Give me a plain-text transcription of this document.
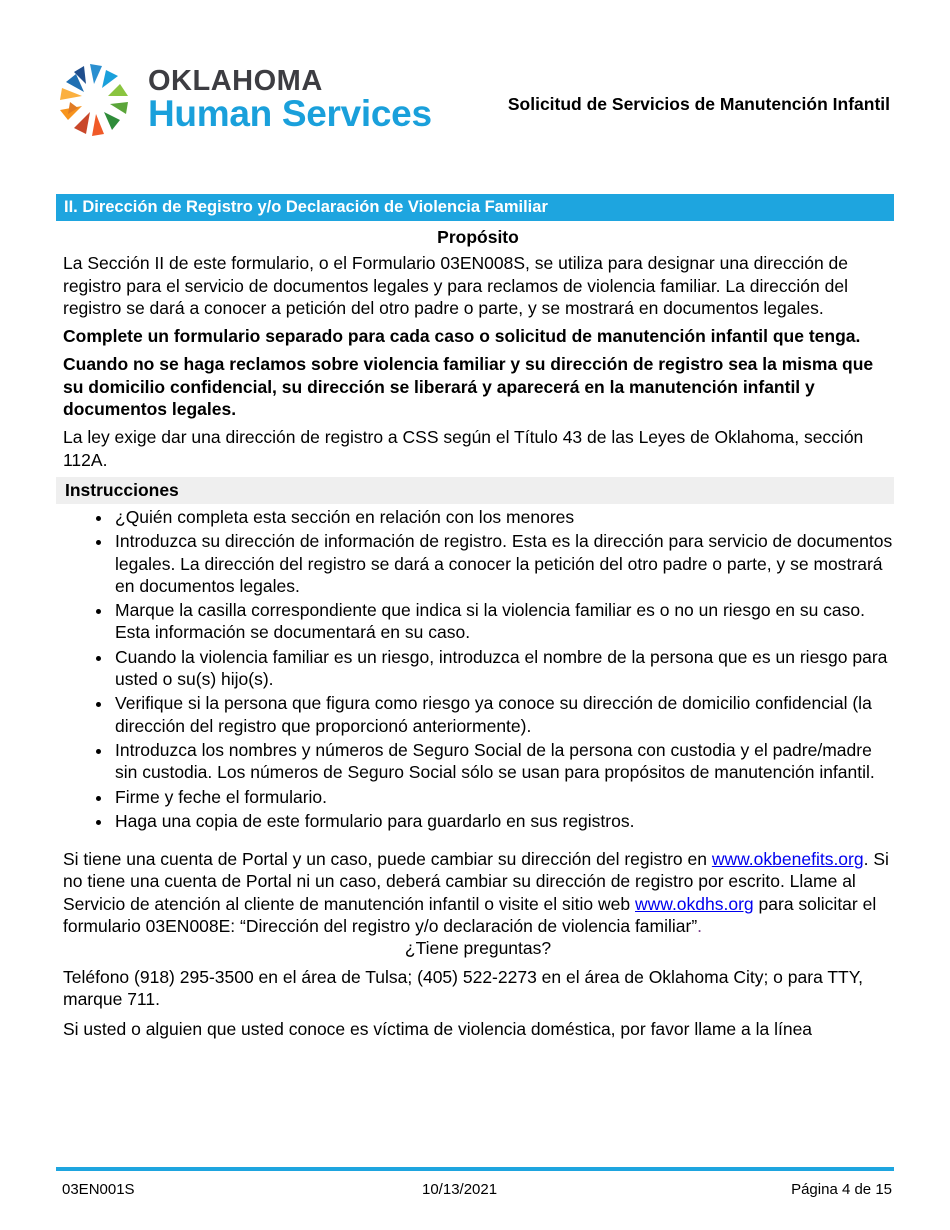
OKLAHOMA
Human Services	Solicitud de Servicios de Manutención Infantil
II. Dirección de Registro y/o Declaración de Violencia Familiar

Propósito

La Sección II de este formulario, o el Formulario 03EN008S, se utiliza para designar una dirección de registro para el servicio de documentos legales y para reclamos de violencia familiar. La dirección del registro se dará a conocer a petición del otro padre o parte, y se mostrará en documentos legales.

Complete un formulario separado para cada caso o solicitud de manutención infantil que tenga.

Cuando no se haga reclamos sobre violencia familiar y su dirección de registro sea la misma que su domicilio confidencial, su dirección se liberará y aparecerá en la manutención infantil y documentos legales.

La ley exige dar una dirección de registro a CSS según el Título 43 de las Leyes de Oklahoma, sección 112A.

Instrucciones
• ¿Quién completa esta sección en relación con los menores
• Introduzca su dirección de información de registro. Esta es la dirección para servicio de documentos legales. La dirección del registro se dará a conocer la petición del otro padre o parte, y se mostrará en documentos legales.
• Marque la casilla correspondiente que indica si la violencia familiar es o no un riesgo en su caso. Esta información se documentará en su caso.
• Cuando la violencia familiar es un riesgo, introduzca el nombre de la persona que es un riesgo para usted o su(s) hijo(s).
• Verifique si la persona que figura como riesgo ya conoce su dirección de domicilio confidencial (la dirección del registro que proporcionó anteriormente).
• Introduzca los nombres y números de Seguro Social de la persona con custodia y el padre/madre sin custodia. Los números de Seguro Social sólo se usan para propósitos de manutención infantil.
• Firme y feche el formulario.
• Haga una copia de este formulario para guardarlo en sus registros.

Si tiene una cuenta de Portal y un caso, puede cambiar su dirección del registro en www.okbenefits.org. Si no tiene una cuenta de Portal ni un caso, deberá cambiar su dirección de registro por escrito. Llame al Servicio de atención al cliente de manutención infantil o visite el sitio web www.okdhs.org para solicitar el formulario 03EN008E: “Dirección del registro y/o declaración de violencia familiar”.

¿Tiene preguntas?

Teléfono (918) 295-3500 en el área de Tulsa; (405) 522-2273 en el área de Oklahoma City; o para TTY, marque 711.

Si usted o alguien que usted conoce es víctima de violencia doméstica, por favor llame a la línea

03EN001S	10/13/2021	Página 4 de 15
